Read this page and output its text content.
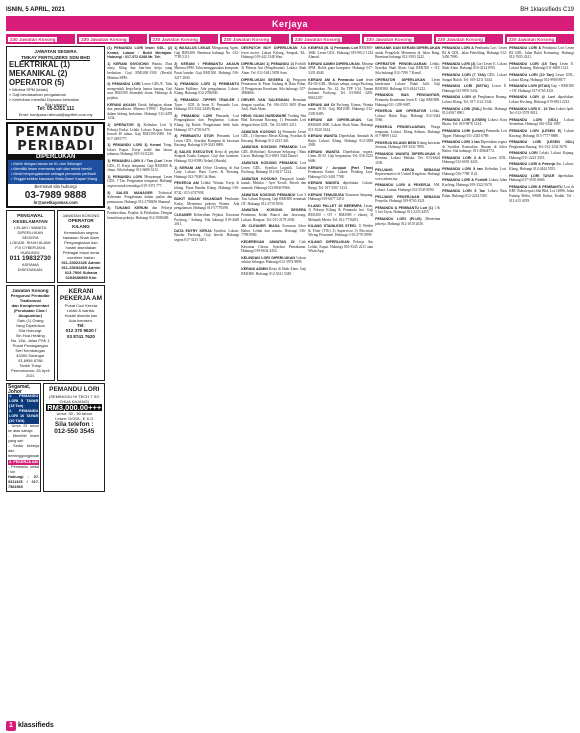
ISNIN, 5 APRIL, 2021	BH 1klassifieds C19
Kerjaya
230 Jawatan Kosong	230 Jawatan Kosong	230 Jawatan Kosong	230 Jawatan Kosong	230 Jawatan Kosong	230 Jawatan Kosong	230 Jawatan Kosong	230 Jawatan Kosong
JAWATAN SEGERA
TMKAY FERTILIZERS SDN BHD
ELEKTRIKAL (1)
MEKANIKAL (2)
OPERATOR (5)
» Minima SPM (lelaki)
» Gaji berdasarkan pengalaman
» Kelebihan memiliki Diploma berkaitan
Sila hubungi
Tel: 05-5351 111
Emel: harilyana.rahmad@agrifert.com.my
PEMANDU PERIBADI
DIPERLUKAN
• Mahir dengan laluan ke KL dan Selangor
• Memiliki lesen memandu sah dan rekod bersih
• Mesti berpengalaman sebagai pemandu peribadi
• Tinggal sekitar kawasan Setia Alam/ Kapar/ Klang
Berminat sila hubungi
03-7989 9888
hr@asetkayamas.com
PENGAWAL KESELAMATAN
LELAKI / WANITA
DIPERLUKAN SEGERA
LOKASI: SHAH ALAM/ PJ/ CYBERJAYA
HUBUNGI:
011 19832730
ASRAMA DISEDIAKAN.
JAWATAN KOSONG
OPERATOR KILANG
Kemasukan segera kawasan Shah Alam
Pengangkutan dan hostel disediakan
Pelbagai elaun serta overtime harian
011-33922326 Admin
011-33692865 Admin
013-7906 Suhana
0193686959 Kim
Jawatan Kosong
Pengurus/ Pentadbir Tradisional
dan Komplementari
(Perubatan Cina / Akupunktur)
Satu (1) Orang
Yang Diperlukan
Sila Hubungi:
Sin Hua Healing
No. 15A, Jalan PSK 1
Pusat Perdagangan Seri Kembangan
43300 Selangor
03-8958 8788
Tarikh Tutup Permohonan: 25 April 2021
KERANI PEKERJA AM
Pusat Cuci Kereta
Lelaki & wanita.
Hostel disedia kan
Ada komisen.
Tel:
012 370 9620 /
03 8741 7620
Segamat, Johor
1. PEMANDU LORI 5 TAYAR (15 Tan)
2. PEMANDU LORI 10 TAYAR (10 TAN)
- Umur 23 tahun ke atas sahaja
- Memiliki lesen yang sah
- Sedia bekerja dan bertanggungjawab
3. PEKERJA AM
- Pembantu kedai / lori
Hubungi : 07-9311325 / 017-7581565
PEMANDU LORI
(SEMINGGU HI TECH 7 SG CHUA KAJANG)
RM3,000.00+++
Umur: 30 - 50 tahun
Lesen: D/GDL, E & D
Sila telefon :
012-550 3545

(1) PEMANDU LORI lesen GDL, (2) Kerani, Lokasi : Bukit Mertajam. Hubungi : 017-572 6288 Mr. Teh

1) KERANI INVOICING Wanita. Data entry, filing dan lain-lain kerja yang berkaitan. Gaji RM1400-1500 (Bersih) Minima SPM.

2) PEMANDU LORI Lesen GDL/E. Tahu mengendali kerja-kerja hantar barang. Gaji asas RM1500 ditambah elaun. Hubungi di pejabat.

KERANI AKAUN Untuk bahagian akaun dan pentadbiran. Minima STPM / Diploma dalam bidang berkaitan. Hubungi 012-4478 1234.

1) OPERATOR 2) Kelindan Lori 3) Pekerja Kedai. Lelaki. Lokasi: Kapar. Umur bawah 40 tahun. Gaji RM1300-2000. Tel: 017-2495777.

1) PEMANDU LORI 3) Kerani Tetap, lokasi Kapar. Kerja stabil dan bonus tahunan. Hubungi 019-3311230.

1) PEMANDU LORI 3 / Ton (Lori Lesen GDL, D. Kerja tempatan. Gaji RM1800 & elaun. Sila hubungi 012-6686 3212.

1) PEMANDU LORI Menyampai Lesen GDL, 7 Tan. Penghantar tempatan. Hubungi segera untuk temuduga 019-3373 777.

3) SALES MANAGER Technical Salesman. Pengalaman dalam jualan dan pemasaran. Hubungi 012-2798456 Shamsul.

3) TUKANG KERUM dan Pekerja Pembersihan. Pejabat di Pelabuhan. Dengan kemahiran pekerja. Hubungi 012-9188469.

1) WASALUS LEKAS Mengurang Agent, Gaji RM1400. Berminat hubungi No. 012-7785 5111.

2) KERANI / PEMBANTU AKAUN Minima SPM. Tahu menggunakan komputer. Pusat bandar. Gaji RM1500. Hubungi 016-3217 2840.

1) PEMANDU LORI 2) PEMBANTU Akaun Fulltime. Ada pengalaman. Lokasi: Klang. Hubungi 012-2786940.

2) PEMANDU -TIPPER TRAILER 2 Tayar - GDL & lesen E. Pemandu Lori. Hubungi 013-3322 2449 (Ryan).

3) PEMANDU LORI Pemandu Lori Pengangkutan dan Penghantar. Lokasi: Klang, Sg Buloh. Pengalaman lebih baik. Hubungi 017-4703 6475.

3) PEMBANTU STOR Pemandu Lori Lesen GDL. Syarikat Kompeni di kawasan Rawang. Hubungi 019-3343 8809.

3) SALES EXECUTIVE Kerja di pejabat Setapak Kuala Lumpur. Gaji dan komisen. Hubungi 012-9398 (Azlan) (Harish).

1) KERANI AM Office Cleaning di Sua Lady. Lokasi: Batu Caves & Rawang. Hubungi 012-7848 Cik Hani.

PEKERJA AM Lelaki/ Wanita. Kerja di kilang. Pusat Bandar Klang. Hubungi 016-8742 / 013-4747938.

BUKIT INDAH/ ISKANDAR Pembantu Kedai. Menerima pekerja Wanita. Ada pengalaman. Hubungi 011-57776398.

CLEANER Kebersihan Pejabat. Kawasan Puchong / Subang. Sila hubungi 019-4448 2011.

DATA ENTRY KERJA Syarikat. Lokasi: Bandar Puchong. Gaji bersih. Hubungi segera 017-3215 3201.

DESPATCH BOY DIPERLUKAN Ada lesen motor. Lokasi Kelang, Setapak, KL. Hubungi 019-442 1548 Wan.

DIPERLUKAN 1) PEMANDU 2) Forklift 3) Pekerja Am (Pengeluaran). Lokasi: Shah Alam. Tel: 012-5441 5858 Sam.

DIPERLUKAN SEGERA 1) Pengurus Pemasaran di Pusat Gadang & Batu Pahat. 2) Pengurusan Kesetiaan. Sila hubungi: 017-3880666.

DRIVER VAN SALESMAN. Berminat dengan syarikat. Tel: 016-2553 3655 (Puan Ani). Shah Alam.

HENG GUAN HARDWARE Trading Sdn Bhd. Kawasan Rawang. 1) Pemandu Lori dengan lesen GDL. Tel: 03-6091 2211.

JAWATAN KOSONG 1) Pemandu Lesen GDL. 2) Operator Mesin Kilang. Syarikat di Rawang. Hubungi 012-2233 445.

JAWATAN KOSONG PEMANDU Lori GDL (Kelindan). Kawasan Selayang / Batu Caves. Hubungi 012-6503 3344 Daniel.

JAWATAN KOSONG PEMANDU Lori Lesen GDL. Syarikat Logistik. Lokasi Puchong. Hubungi 012-6217 1234.

JAWATAN KOSONG Pengasuh kanak-kanak. Melaka / Ayer Keroh. Bersih dan amanah. Hubungi 013-8836 9966.

JAWATAN KOSONG PEMANDU Lori 5 Tan. Lokasi Kepong. Gaji RM1800 termasuk OT. Hubungi 012-2718 5050.

JAWATAN KOSONG SEGERA Pembantu Kedai Runcit dan Juruwang. Lokasi: Bangsar. Tel: 011-2178 2030.

JB CLEANER BIASA Kawasan Johor Bahru. Lelaki dan wanita. Hubungi 016-7788 9900.

KEDEREGAN JAWATAN DI Cafe Kawasan Cheras. Syarikat Pemakanan. Hubungi 019-6634 4454.

KELINDAN LORI DIPERLUKAN Lokasi sekitar Selangor. Hubungi 012-3974 8899.

KERANI ADMIN Kerja di Shah Alam. Gaji RM1800. Hubungi 012-5541 3349.

KEMPAS (B. 1) Pemandu Lori RM1800-3000. Lesen GDL. Hubungi 019-9012 1234 Ahmad.

KERANI ADMIN DIPERLUKAN. Minima SPM. Boleh guna komputer. Hubungi 017-3333 4040.

KERANI AM & Pemandu Lori lesen B2+D+GDL. Melayu sahaja, warga Puchong diutamakan. No. 42, Jln TPP 1/14, Taman Industri Puchong. Tel: 03-8061 2205, 80612207.

KERANI AM DI Puchong Utama. Wanita umur 18-35. Gaji RM1500. Hubungi 012-2330 8485.

KERANI AM DIPERLUKAN. Gaji RM1600-2000. Lokasi Shah Alam. Hubungi 011-5520 3344.

KERANI WANITA Diperlukan Amanah & Rajin. Lokasi: Klang. Hubungi 012-3838 4949.

KERANI WANITA Diperlukan segera. Umur 20-35. Gaji berpatutan. Tel: 016-2225 6666.

KERANI / Jurujual (Part Time) Pembantu Kedai. Lokasi: Petaling Jaya. Hubungi 012-3401 7788.

KERANI WANITA diperlukan. Lokasi: Bangi. Tel: 017-2567 1234.

KERANI TEMUDUGA Kawasan Ampang. Hubungi 019-6677 3210.

KLANG PALLET 20 BEREMPA Lesen, 1) Pekerja Kilang & Pemandu lori. Gaji RM1400 + OT + RM2900 + elaun), 3) Mekanik Mesin. Tel: 012-7736291.

KILANG STAINLESS STEEL 1) Welder & Fitter (TIG) 2) Supervisor 3) Electrical Wiring Personnel. Hubungi: 019-2776 9999.

KILANG DIPERLUKAN Pekerja Am Lelaki, Kapar. Hubungi 016-3345 2211 atau WhatsApp.

MEKANIK DAN KERANI DIPERLUKAN untuk Pengelola Mentenan di Jalan Bang. Berminat hubungi 012-3393 3222.

OPERATOR PENGELUARAN Lelaki. Syarikat Shah Alam. Gaji RM1500 + OT. Sila hubungi 012-7290 7 Kamil.

OPERATOR DIPERLUKAN Lesen kenderaan. Lokasi: Bukit Jalil. Gaji RM1900. Hubungi 013-4444 1222.

PEMANDU BAS PENGANTAR, Pemandu Kenderaan lesen E. Gaji RM1800. Hubungi 011-1299 9087.

PEKERJA AM/ OPERATOR Lelaki. Lokasi: Bukit Raja. Hubungi 012-3344 5566.

PEKERJA PENGELUARAN, Warga tempatan. Lokasi: Klang Selatan. Hubungi 017-8899 1122.

PEKERJA KILANG BESI Kilang kawasan Jerantut. Hubungi 019-3332 7890.

PEMANDU WANITA DIPERLUKAN di Rembau. Lokasi Melaka. Tel: 013-6624 1100.

PELUANG KERJA SEBAGAI Representative di United Kingdom. Hubungi www.adzen.my.

PEMANDU LORI & PEKERJA AM. Lokasi: Lumut. Hubungi 012-5545 0090.

PELUANG PEKERJAAN SEBAGAI Penyelia. Hubungi 019-8765 4321.

PEMANDU & PEMBANTU Lori (1) 1 & 5 lori Tayar. Hubungi 011-2233 4455.

PEMANDU LORI (PLUS) Menerima pekerja. Hubungi 012-1010 2020.

PEMANDU LORI & Pembantu Lori. Lesen B2 & GDL. Jalan Pekeliling. Hubungi 012-3456 7890.

PEMANDU LORI (3) Lori Lesen E. Lokasi Shah Alam. Hubungi 016-3214 8765.

PEMANDU LORI (7 TAN) GDL. Lokasi Sungai Buloh. Tel: 019-2211 3344.

PEMANDU LORI (SETIA) Lesen E. Hubungi 012-9876 5432.

PEMANDU LORI @ Penghantar Barang. Lokasi Klang. Tel: 017-1122 3344.

PEMANDU LORI (GDL) Kedah. Hubungi 012-4567 8901.

PEMANDU LORI (LESEN) Lokasi: Kota Bharu. Tel: 019-9876 1234.

PEMANDU LORI (Lesen) Pemandu Lori Tipper. Hubungi 011-2345 6789.

PEMANDU LORI 1 tan Diperlukan segera di Syarikat Kontraktor. Binaan di Johor Bahru. Sila hubungi: 011-40664774.

PEMANDU LORI 3 & 5 Lesen GDL. Hubungi 012-6655 4433.

PEMANDU LORI 5 tan Kelindan Lori. Hubungi 016-7788 1122.

PEMANDU LORI & Forklift Lokasi Jalan Kuching. Hubungi 019-3322 5678.

PEMANDU LORI 5 Tan Lokasi Batu Pahat. Hubungi 012-2224 5567.

PEMANDU LORI & Pembantu Lori Lesen B2 GDL. Jalan Bukit Kemuning. Hubungi 012-7655 4321.

PEMANDU LORI (15 Tan) Lesen E. Lokasi Banting. Hubungi 011-6600 1122.

PEMANDU LORI (10 Tan) Lesen GDL. Lokasi Klang. Hubungi 012-9900 8877.

PEMANDU LORI (ETAN) Gaji + RM1500 + OT. Hubungi 017-6765 4321.

PEMANDU LORI @ Lori diperlukan. Lokasi Kuching. Hubungi 019-8811 2233.

PEMANDU LORI 5 - 10 Tan Lokasi Ipoh. Tel: 012-5578 9012.

PEMANDU LORI (GDL) Lokasi Seremban. Hubungi 016-5432 1987.

PEMANDU LORI (LESEN E) Lokasi Rawang. Hubungi 013-7777 8888.

PEMANDU LORI (LESEN GDL) Penghantar Barang. Tel: 012-1234 5678.

PEMANDU LORI Lelaki. Lokasi Kajang. Hubungi 011-2222 3333.

PEMANDU LORI & Pekerja Am. Lokasi: Klang. Hubungi 012-4444 5555.

PEMANDU LORI TAYAR diperlukan. Hubungi 017-5555 6666.

PEMANDU LORI & PEMBANTU Lori di KBC Roboterport Sdn Bhd, Lot 14896, Jalan Padang Meha, 09000 Kulim, Kedah. Tel : 012-415 0259.

1 klassifieds
